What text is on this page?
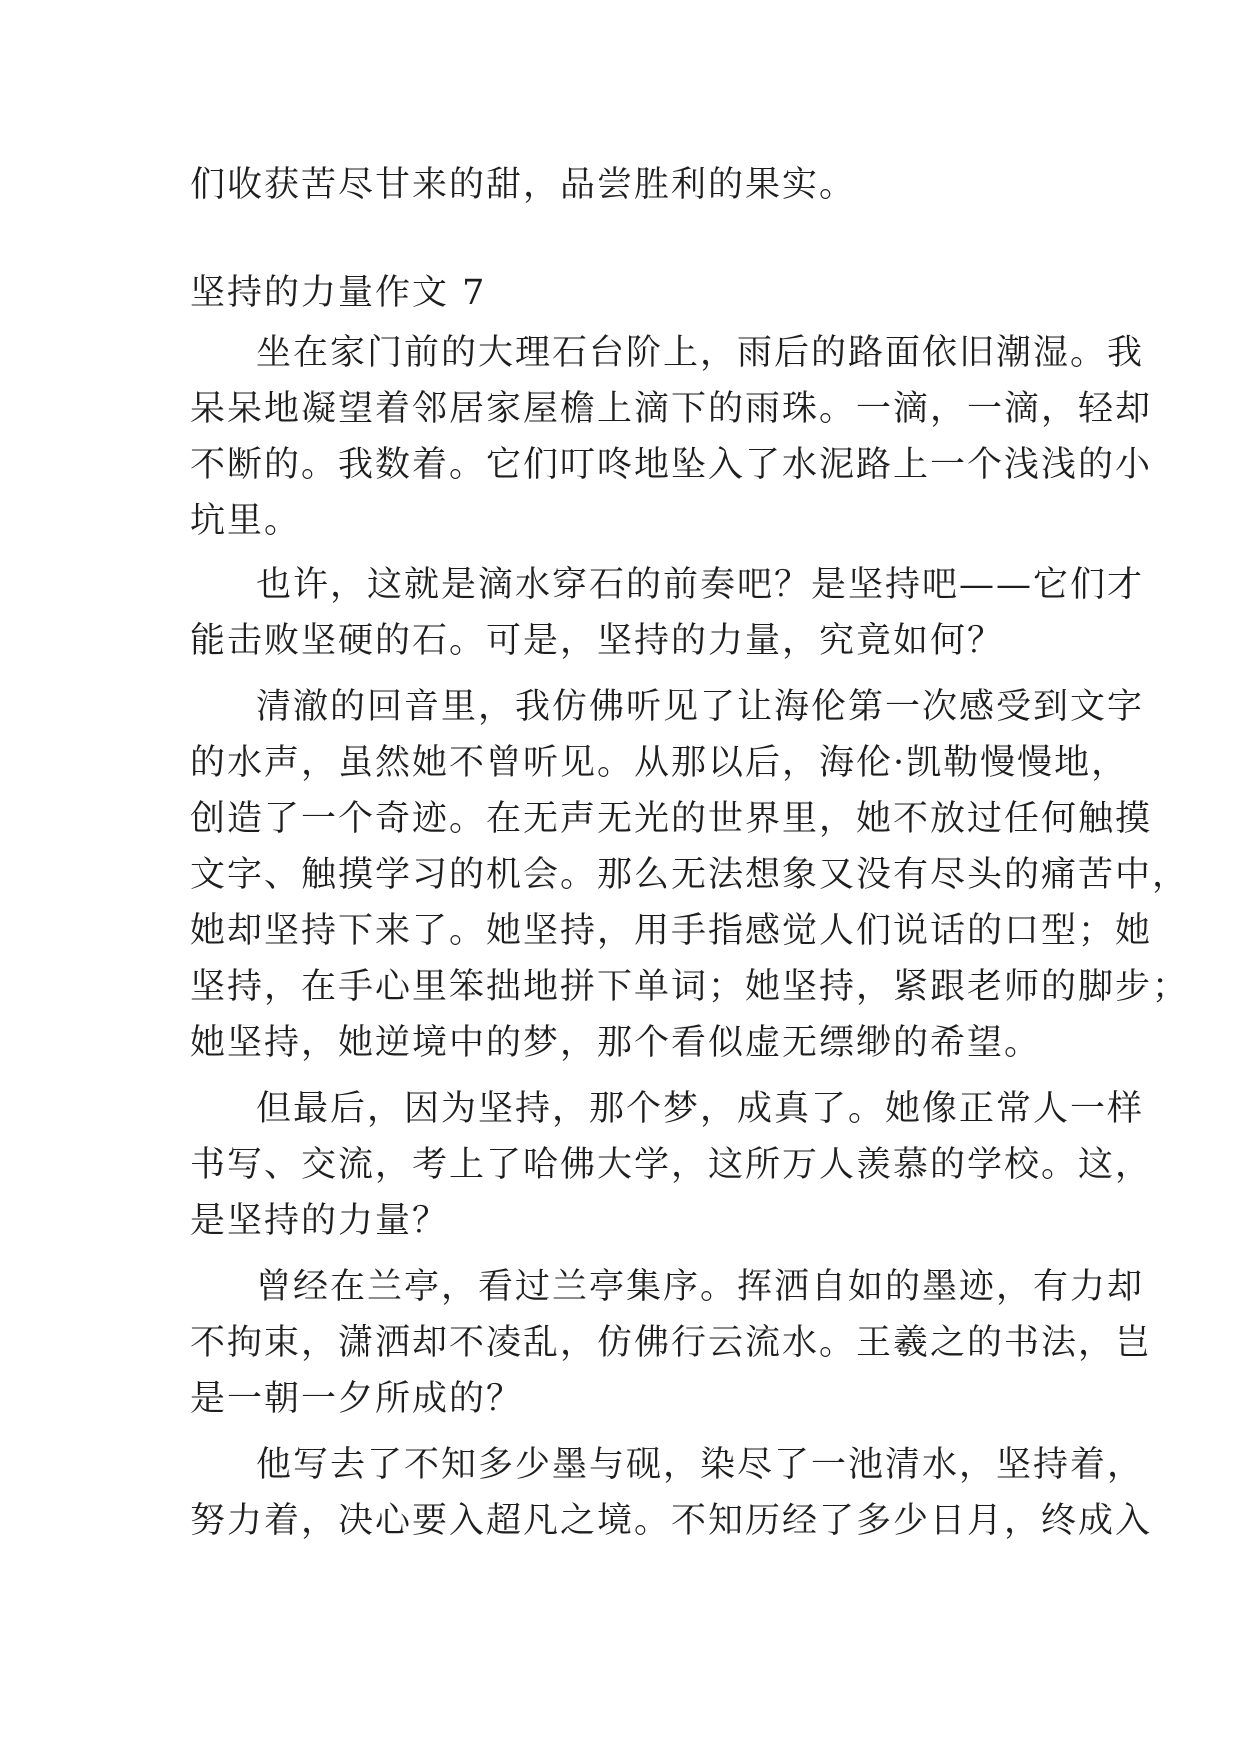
们收获苦尽甘来的甜，品尝胜利的果实。
坚持的力量作文 7
坐在家门前的大理石台阶上，雨后的路面依旧潮湿。我
呆呆地凝望着邻居家屋檐上滴下的雨珠。一滴，一滴，轻却
不断的。我数着。它们叮咚地坠入了水泥路上一个浅浅的小
坑里。
也许，这就是滴水穿石的前奏吧？是坚持吧——它们才
能击败坚硬的石。可是，坚持的力量，究竟如何？
清澈的回音里，我仿佛听见了让海伦第一次感受到文字
的水声，虽然她不曾听见。从那以后，海伦·凯勒慢慢地，
创造了一个奇迹。在无声无光的世界里，她不放过任何触摸
文字、触摸学习的机会。那么无法想象又没有尽头的痛苦中，
她却坚持下来了。她坚持，用手指感觉人们说话的口型；她
坚持，在手心里笨拙地拼下单词；她坚持，紧跟老师的脚步；
她坚持，她逆境中的梦，那个看似虚无缥缈的希望。
但最后，因为坚持，那个梦，成真了。她像正常人一样
书写、交流，考上了哈佛大学，这所万人羡慕的学校。这，
是坚持的力量？
曾经在兰亭，看过兰亭集序。挥洒自如的墨迹，有力却
不拘束，潇洒却不凌乱，仿佛行云流水。王羲之的书法，岂
是一朝一夕所成的？
他写去了不知多少墨与砚，染尽了一池清水，坚持着，
努力着，决心要入超凡之境。不知历经了多少日月，终成入
